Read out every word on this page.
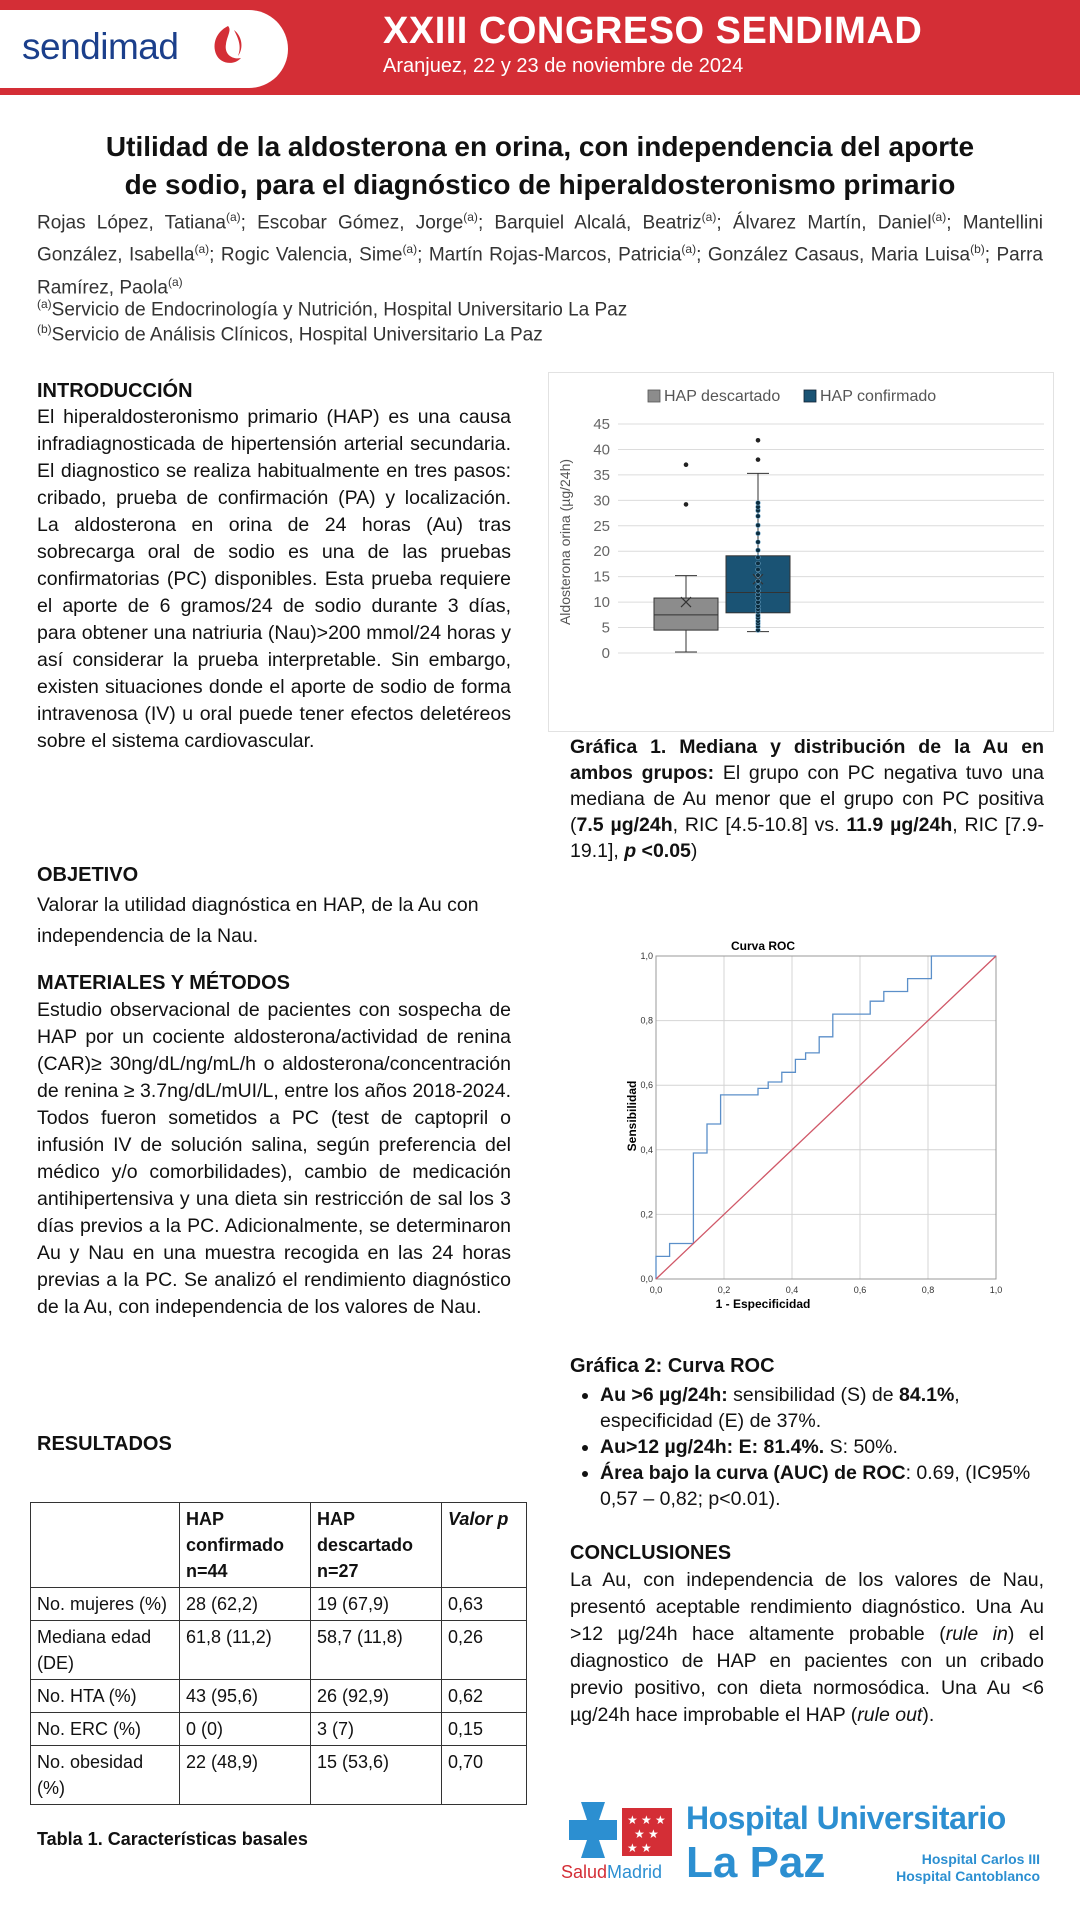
sendimad	XXIII CONGRESO SENDIMAD
Aranjuez, 22 y 23 de noviembre de 2024
Utilidad de la aldosterona en orina, con independencia del aporte
de sodio, para el diagnóstico de hiperaldosteronismo primario
Rojas López, Tatiana$^{(a)}$; Escobar Gómez, Jorge$^{(a)}$; Barquiel Alcalá, Beatriz$^{(a)}$; Álvarez Martín, Daniel$^{(a)}$; Mantellini González, Isabella$^{(a)}$; Rogic Valencia, Sime$^{(a)}$; Martín Rojas-Marcos, Patricia$^{(a)}$; González Casaus, Maria Luisa$^{(b)}$; Parra Ramírez, Paola$^{(a)}$
$^{(a)}$Servicio de Endocrinología y Nutrición, Hospital Universitario La Paz
$^{(b)}$Servicio de Análisis Clínicos, Hospital Universitario La Paz
INTRODUCCIÓN
El hiperaldosteronismo primario (HAP) es una causa infradiagnosticada de hipertensión arterial secundaria. El diagnostico se realiza habitualmente en tres pasos: cribado, prueba de confirmación (PA) y localización. La aldosterona en orina de 24 horas (Au) tras sobrecarga oral de sodio es una de las pruebas confirmatorias (PC) disponibles. Esta prueba requiere el aporte de 6 gramos/24 de sodio durante 3 días, para obtener una natriuria (Nau)>200 mmol/24 horas y así considerar la prueba interpretable. Sin embargo, existen situaciones donde el aporte de sodio de forma intravenosa (IV) u oral puede tener efectos deletéreos sobre el sistema cardiovascular.
OBJETIVO
Valorar la utilidad diagnóstica en HAP, de la Au con independencia de la Nau.
MATERIALES Y MÉTODOS
Estudio observacional de pacientes con sospecha de HAP por un cociente aldosterona/actividad de renina (CAR)≥ 30ng/dL/ng/mL/h o aldosterona/concentración de renina ≥ 3.7ng/dL/mUI/L, entre los años 2018-2024. Todos fueron sometidos a PC (test de captopril o infusión IV de solución salina, según preferencia del médico y/o comorbilidades), cambio de medicación antihipertensiva y una dieta sin restricción de sal los 3 días previos a la PC. Adicionalmente, se determinaron Au y Nau en una muestra recogida en las 24 horas previas a la PC. Se analizó el rendimiento diagnóstico de la Au, con independencia de los valores de Nau.
RESULTADOS
	HAP confirmado n=44	HAP descartado n=27	Valor p
No. mujeres (%)	28 (62,2)	19 (67,9)	0,63
Mediana edad (DE)	61,8 (11,2)	58,7 (11,8)	0,26
No. HTA (%)	43 (95,6)	26 (92,9)	0,62
No. ERC (%)	0 (0)	3 (7)	0,15
No. obesidad (%)	22 (48,9)	15 (53,6)	0,70
Tabla 1. Características basales
HAP descartado HAP confirmado
Aldosterona orina (µg/24h)
0
5
10
15
20
25
30
35
40
45
Gráfica 1. Mediana y distribución de la Au en ambos grupos: El grupo con PC negativa tuvo una mediana de Au menor que el grupo con PC positiva (7.5 µg/24h, RIC [4.5-10.8] vs. 11.9 µg/24h, RIC [7.9-19.1], p <0.05)
Curva ROC
1 - Especificidad
Sensibilidad
0,0
0,0
0,2
0,2
0,4
0,4
0,6
0,6
0,8
0,8
1,0
1,0
Gráfica 2: Curva ROC
• Au >6 µg/24h: sensibilidad (S) de 84.1%, especificidad (E) de 37%.
• Au>12 µg/24h: E: 81.4%. S: 50%.
• Área bajo la curva (AUC) de ROC: 0.69, (IC95% 0,57 – 0,82; p<0.01).
CONCLUSIONES
La Au, con independencia de los valores de Nau, presentó aceptable rendimiento diagnóstico. Una Au >12 µg/24h hace altamente probable (rule in) el diagnostico de HAP en pacientes con un cribado previo positivo, con dieta normosódica. Una Au <6 µg/24h hace improbable el HAP (rule out).
★ ★ ★
★ ★
★ ★
SaludMadrid
Hospital Universitario
La Paz	Hospital Carlos III
Hospital Cantoblanco
